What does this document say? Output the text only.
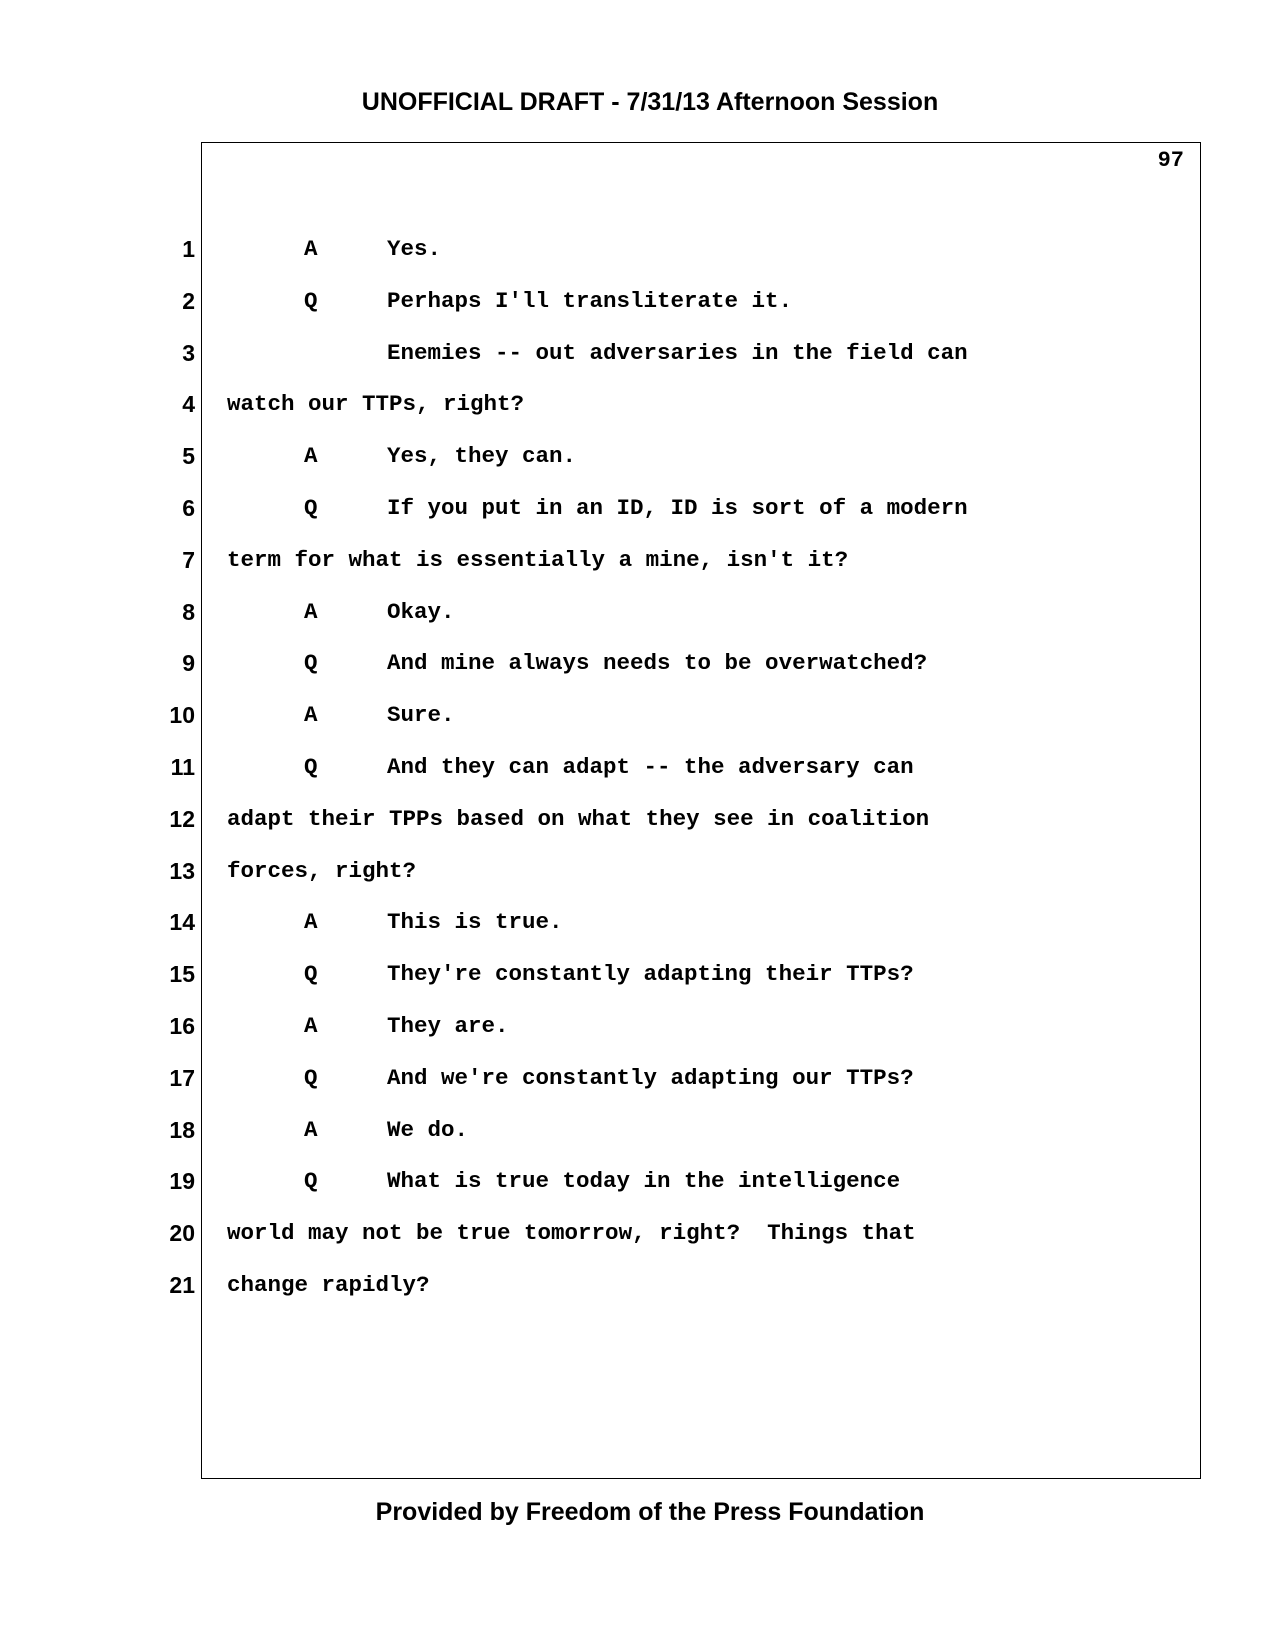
UNOFFICIAL DRAFT - 7/31/13 Afternoon Session
97
1	A	Yes.
2	Q	Perhaps I'll transliterate it.
3	Enemies -- out adversaries in the field can
4 watch our TTPs, right?
5	A	Yes, they can.
6	Q	If you put in an ID, ID is sort of a modern
7 term for what is essentially a mine, isn't it?
8	A	Okay.
9	Q	And mine always needs to be overwatched?
10	A	Sure.
11	Q	And they can adapt -- the adversary can
12 adapt their TPPs based on what they see in coalition
13 forces, right?
14	A	This is true.
15	Q	They're constantly adapting their TTPs?
16	A	They are.
17	Q	And we're constantly adapting our TTPs?
18	A	We do.
19	Q	What is true today in the intelligence
20 world may not be true tomorrow, right?  Things that
21 change rapidly?
Provided by Freedom of the Press Foundation
